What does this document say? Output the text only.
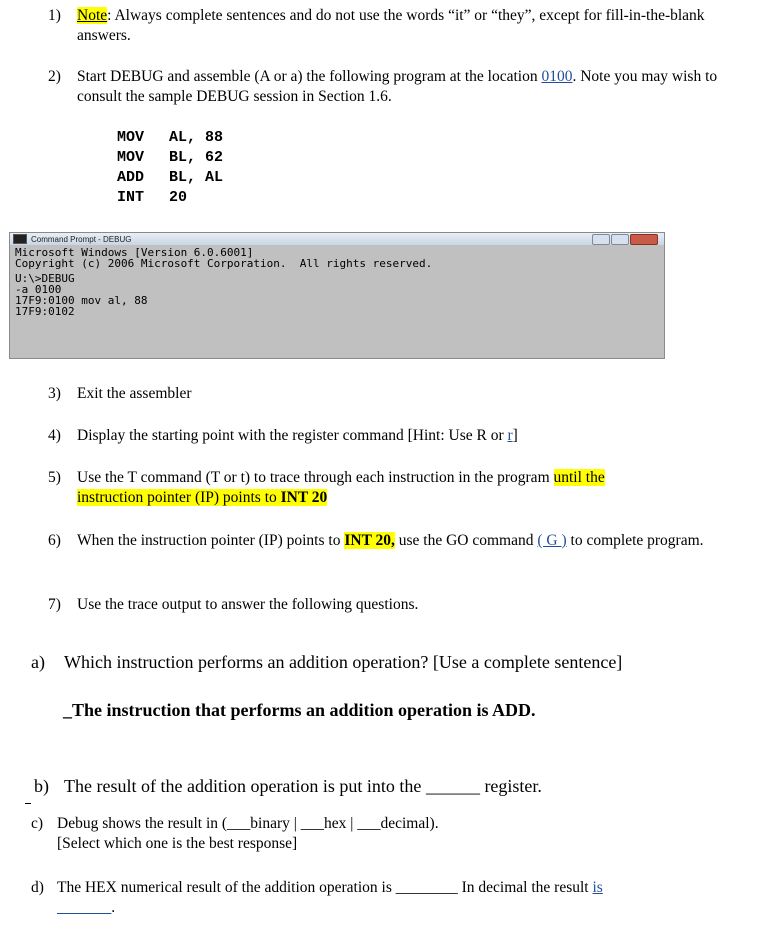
1) Note: Always complete sentences and do not use the words “it” or “they”, except for fill-in-the-blank answers.
2) Start DEBUG and assemble (A or a) the following program at the location 0100. Note you may wish to consult the sample DEBUG session in Section 1.6.
MOV AL, 88
MOV BL, 62
ADD BL, AL
INT 20
Command Prompt - DEBUG
Microsoft Windows [Version 6.0.6001]
Copyright (c) 2006 Microsoft Corporation.  All rights reserved.
U:\>DEBUG
-a 0100
17F9:0100 mov al, 88
17F9:0102
3) Exit the assembler
4) Display the starting point with the register command [Hint: Use R or r]
5) Use the T command (T or t) to trace through each instruction in the program until the
instruction pointer (IP) points to INT 20
6) When the instruction pointer (IP) points to INT 20, use the GO command ( G ) to complete program.
7) Use the trace output to answer the following questions.
a) Which instruction performs an addition operation? [Use a complete sentence]
_The instruction that performs an addition operation is ADD.
b) The result of the addition operation is put into the ______ register.
c) Debug shows the result in (___binary | ___hex | ___decimal).
[Select which one is the best response]
d) The HEX numerical result of the addition operation is ________ In decimal the result is
_______.
